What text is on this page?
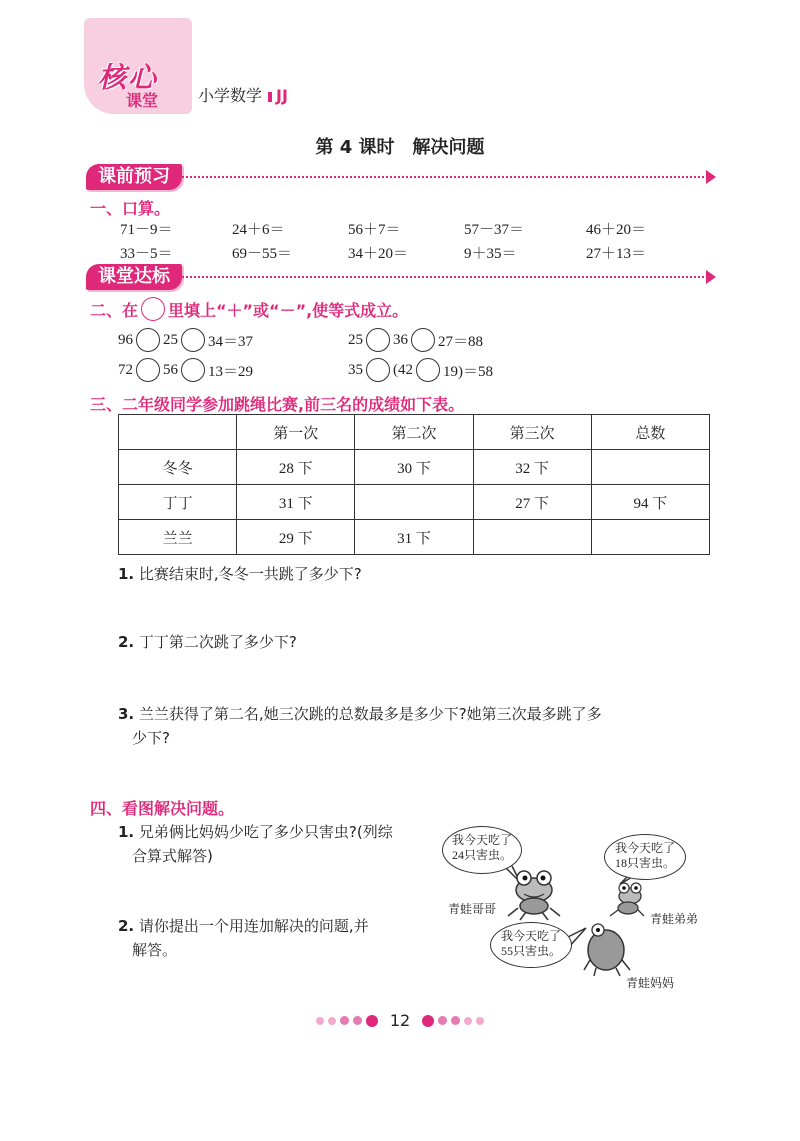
核心
课堂 小学数学 JJ
第 4 课时　解决问题
课前预习
一、口算。
71－9＝	24＋6＝	56＋7＝	57－37＝	46＋20＝
33－5＝	69－55＝	34＋20＝	9＋35＝	27＋13＝
课堂达标
二、在 里填上“＋”或“－”,使等式成立。
96 25 34＝37	25 36 27＝88
72 56 13＝29	35 (42 19)＝58
三、二年级同学参加跳绳比赛,前三名的成绩如下表。
	第一次	第二次	第三次	总数
冬冬	28 下	30 下	32 下	
丁丁	31 下		27 下	94 下
兰兰	29 下	31 下		
1. 比赛结束时,冬冬一共跳了多少下?
2. 丁丁第二次跳了多少下?
3. 兰兰获得了第二名,她三次跳的总数最多是多少下?她第三次最多跳了多
少下?
四、看图解决问题。
1. 兄弟俩比妈妈少吃了多少只害虫?(列综
合算式解答)
2. 请你提出一个用连加解决的问题,并
解答。
我今天吃了
24只害虫。	我今天吃了
18只害虫。
我今天吃了
55只害虫。
青蛙哥哥
青蛙弟弟
青蛙妈妈
12
